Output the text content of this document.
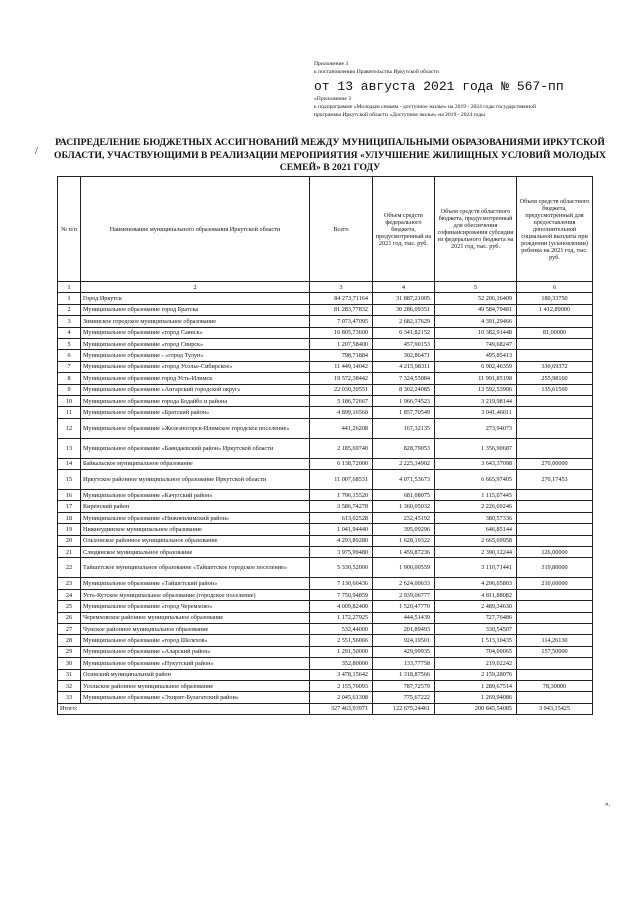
Приложение 3
к постановлению Правительства Иркутской области
от 13 августа 2021 года № 567-пп
«Приложение 3
к подпрограмме «Молодым семьям - доступное жилье» на 2019 - 2024 годы государственной
программы Иркутской области «Доступное жилье» на 2019 - 2024 годы
/
РАСПРЕДЕЛЕНИЕ БЮДЖЕТНЫХ АССИГНОВАНИЙ МЕЖДУ МУНИЦИПАЛЬНЫМИ ОБРАЗОВАНИЯМИ ИРКУТСКОЙ ОБЛАСТИ, УЧАСТВУЮЩИМИ В РЕАЛИЗАЦИИ МЕРОПРИЯТИЯ «УЛУЧШЕНИЕ ЖИЛИЩНЫХ УСЛОВИЙ МОЛОДЫХ СЕМЕЙ» В 2021 ГОДУ
№ п/п	Наименование муниципального образования Иркутской области	Всего	Объем средств федерального бюджета, предусмотренный на 2021 год, тыс. руб.	Объем средств областного бюджета, предусмотренный для обеспечения софинансирования субсидии из федерального бюджета на 2021 год, тыс. руб.	Объем средств областного бюджета, предусмотренный для предоставления дополнительной социальной выплаты при рождении (усыновлении) ребенка на 2021 год, тыс. руб.
1	2	3	4	5	6
1	Город Иркутск	84 273,71164	31 887,21005	52 206,16409	180,33750
2	Муниципальное образование город Братска	81 283,77832	30 286,09351	49 584,79481	1 412,89000
3	Зиминское городское муниципальное образование	7 073,47095	2 682,17629	4 391,29466	
4	Муниципальное образование «город Саянск»	16 805,73600	6 341,82152	10 382,91448	81,00000
5	Муниципальное образование «город Свирск»	1 207,58400	457,90153	749,68247	
6	Муниципальное образование - «город Тулун»	798,71884	302,86471	495,85413	
7	Муниципальное образование «город Усолье-Сибирское»	11 449,14042	4 215,98311	6 902,46359	330,69372
8	Муниципальное образование город Усть-Илимск	19 572,38442	7 324,55084	11 991,85198	255,98160
9	Муниципальное образование «Ангарский городской округ»	22 030,39551	8 302,24085	13 592,53906	135,61560
10	Муниципальное образование города Бодайбо и района	5 186,72667	1 966,74523	3 219,98144	
11	Муниципальное образование «Братский район»	4 899,16560	1 857,70549	3 041,46011	
12	Муниципальное образование «Железногорск-Илимское городское поселение»	441,26208	167,32135	273,94073	
13	Муниципальное образование «Баяндаевский район» Иркутской области	2 185,69740	828,79053	1 356,90687	
14	Байкальское муниципальное образование	6 138,72000	2 225,34902	3 643,37098	270,00000
15	Иркутское районное муниципальное образование Иркутской области	11 007,68531	4 071,53673	6 665,97405	270,17453
16	Муниципальное образование «Качугский район»	1 796,15520	681,08075	1 115,07445	
17	Киренский район	3 586,74278	1 360,05032	2 226,69246	
18	Муниципальное образование «Нижнеилимский район»	613,02528	232,45192	380,57336	
19	Нижнеудинское муниципальное образование	1 041,94440	395,09296	646,85144	
20	Ольхонское районное муниципальное образование	4 293,89280	1 628,19322	2 665,69958	
21	Слюдянское муниципальное образование	3 975,99480	1 459,87236	2 390,12244	126,00000
22	Тайшетское муниципальное образование «Тайшетское городское поселение»	5 330,52000	1 900,00559	3 110,71441	319,80000
23	Муниципальное образование «Тайшетский район»	7 130,66436	2 624,00633	4 296,05803	210,60000
24	Усть-Кутское муниципальное образование (городское поселение)	7 750,94859	2 939,06777	4 811,88082	
25	Муниципальное образование «город Черемхово»	4 009,82400	1 520,47770	2 489,34630	
26	Черемховское районное муниципальное образование	1 172,27925	444,51439	727,76486	
27	Чунское районное муниципальное образование	532,44000	201,89493	330,54507	
28	Муниципальное образование «город Шелехов»	2 551,56066	924,19501	1 513,10435	114,26130
29	Муниципальное образование «Аларский район»	1 291,50000	429,99935	704,00065	157,50000
30	Муниципальное образование «Нукутский район»	352,80000	133,77758	219,02242	
31	Осинский муниципальный район	3 478,15642	1 318,87566	2 159,28076	
32	Усольское районное муниципальное образование	2 155,70093	787,72579	1 289,67514	78,30000
33	Муниципальное образование «Эхирит-Булагатский район»	2 045,61308	775,67222	1 269,94086	
Итого:		327 463,93971	122 675,24461	200 845,54085	3 943,15425
».
